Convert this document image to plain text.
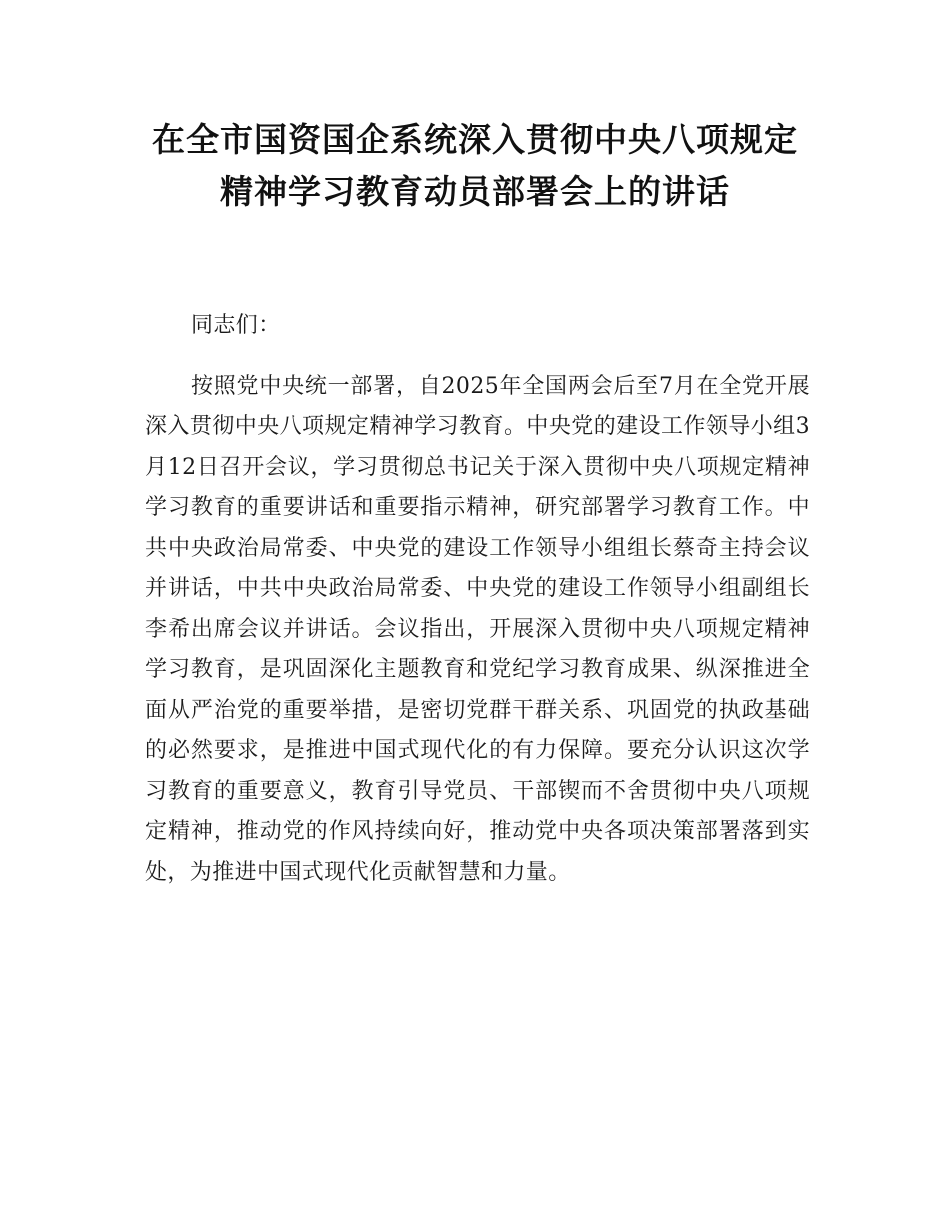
在全市国资国企系统深入贯彻中央八项规定
精神学习教育动员部署会上的讲话

同志们：

按照党中央统一部署，自2025年全国两会后至7月在全党开展深入贯彻中央八项规定精神学习教育。中央党的建设工作领导小组3月12日召开会议，学习贯彻总书记关于深入贯彻中央八项规定精神学习教育的重要讲话和重要指示精神，研究部署学习教育工作。中共中央政治局常委、中央党的建设工作领导小组组长蔡奇主持会议并讲话，中共中央政治局常委、中央党的建设工作领导小组副组长李希出席会议并讲话。会议指出，开展深入贯彻中央八项规定精神学习教育，是巩固深化主题教育和党纪学习教育成果、纵深推进全面从严治党的重要举措，是密切党群干群关系、巩固党的执政基础的必然要求，是推进中国式现代化的有力保障。要充分认识这次学习教育的重要意义，教育引导党员、干部锲而不舍贯彻中央八项规定精神，推动党的作风持续向好，推动党中央各项决策部署落到实处，为推进中国式现代化贡献智慧和力量。
